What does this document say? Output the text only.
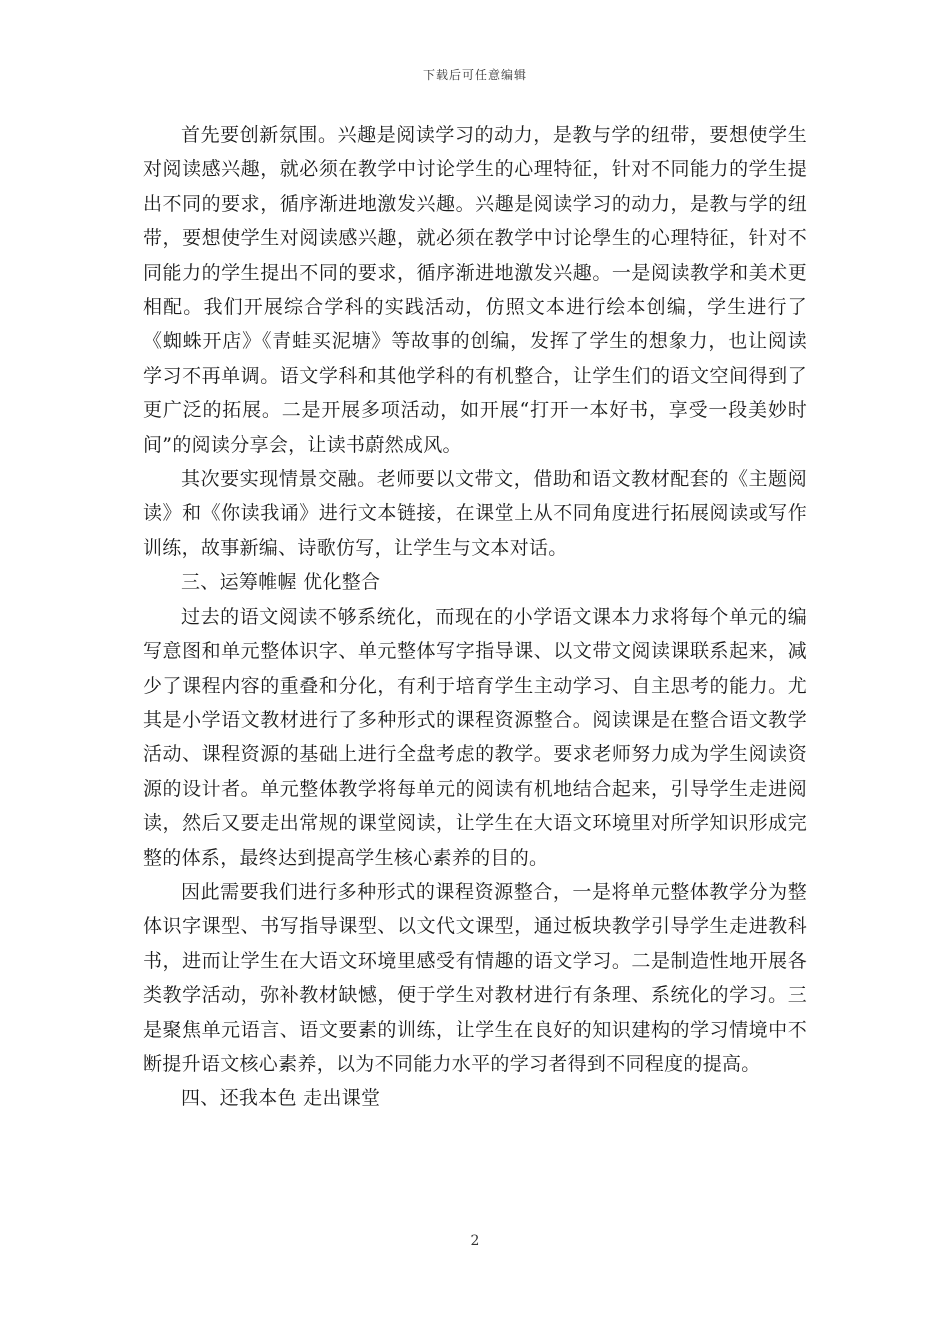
下载后可任意编辑

首先要创新氛围。兴趣是阅读学习的动力，是教与学的纽带，要想使学生对阅读感兴趣，就必须在教学中讨论学生的心理特征，针对不同能力的学生提出不同的要求，循序渐进地激发兴趣。兴趣是阅读学习的动力，是教与学的纽带，要想使学生对阅读感兴趣，就必须在教学中讨论學生的心理特征，针对不同能力的学生提出不同的要求，循序渐进地激发兴趣。一是阅读教学和美术更相配。我们开展综合学科的实践活动，仿照文本进行绘本创编，学生进行了《蜘蛛开店》《青蛙买泥塘》等故事的创编，发挥了学生的想象力，也让阅读学习不再单调。语文学科和其他学科的有机整合，让学生们的语文空间得到了更广泛的拓展。二是开展多项活动，如开展“打开一本好书，享受一段美妙时间”的阅读分享会，让读书蔚然成风。

其次要实现情景交融。老师要以文带文，借助和语文教材配套的《主题阅读》和《你读我诵》进行文本链接，在课堂上从不同角度进行拓展阅读或写作训练，故事新编、诗歌仿写，让学生与文本对话。

三、运筹帷幄 优化整合

过去的语文阅读不够系统化，而现在的小学语文课本力求将每个单元的编写意图和单元整体识字、单元整体写字指导课、以文带文阅读课联系起来，减少了课程内容的重叠和分化，有利于培育学生主动学习、自主思考的能力。尤其是小学语文教材进行了多种形式的课程资源整合。阅读课是在整合语文教学活动、课程资源的基础上进行全盘考虑的教学。要求老师努力成为学生阅读资源的设计者。单元整体教学将每单元的阅读有机地结合起来，引导学生走进阅读，然后又要走出常规的课堂阅读，让学生在大语文环境里对所学知识形成完整的体系，最终达到提高学生核心素养的目的。

因此需要我们进行多种形式的课程资源整合，一是将单元整体教学分为整体识字课型、书写指导课型、以文代文课型，通过板块教学引导学生走进教科书，进而让学生在大语文环境里感受有情趣的语文学习。二是制造性地开展各类教学活动，弥补教材缺憾，便于学生对教材进行有条理、系统化的学习。三是聚焦单元语言、语文要素的训练，让学生在良好的知识建构的学习情境中不断提升语文核心素养，以为不同能力水平的学习者得到不同程度的提高。

四、还我本色 走出课堂

2
